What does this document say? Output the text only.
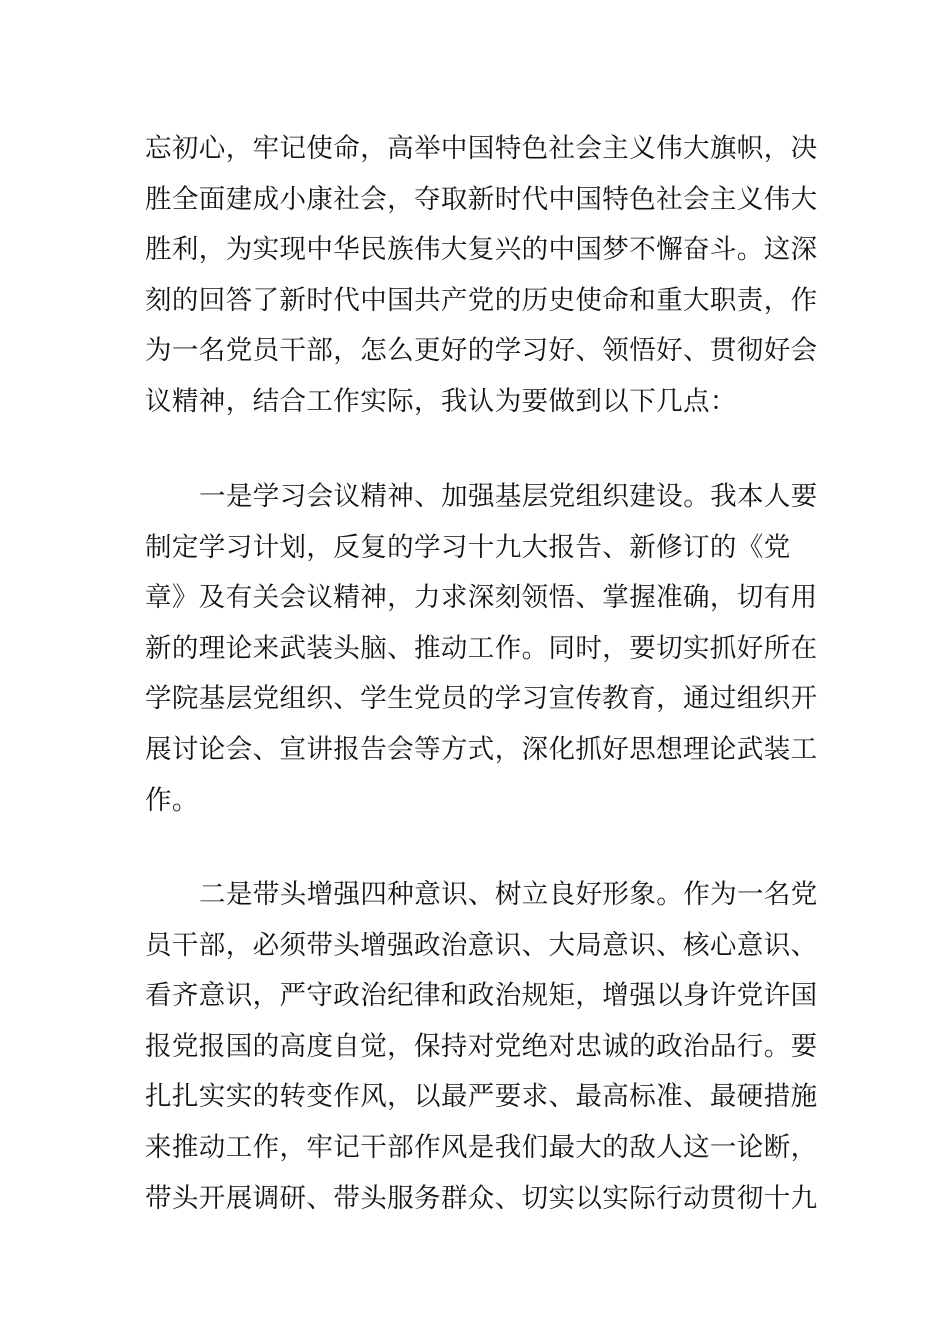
忘初心，牢记使命，高举中国特色社会主义伟大旗帜，决
胜全面建成小康社会，夺取新时代中国特色社会主义伟大
胜利，为实现中华民族伟大复兴的中国梦不懈奋斗。这深
刻的回答了新时代中国共产党的历史使命和重大职责，作
为一名党员干部，怎么更好的学习好、领悟好、贯彻好会
议精神，结合工作实际，我认为要做到以下几点：
一是学习会议精神、加强基层党组织建设。我本人要
制定学习计划，反复的学习十九大报告、新修订的《党
章》及有关会议精神，力求深刻领悟、掌握准确，切有用
新的理论来武装头脑、推动工作。同时，要切实抓好所在
学院基层党组织、学生党员的学习宣传教育，通过组织开
展讨论会、宣讲报告会等方式，深化抓好思想理论武装工
作。
二是带头增强四种意识、树立良好形象。作为一名党
员干部，必须带头增强政治意识、大局意识、核心意识、
看齐意识，严守政治纪律和政治规矩，增强以身许党许国
报党报国的高度自觉，保持对党绝对忠诚的政治品行。要
扎扎实实的转变作风，以最严要求、最高标准、最硬措施
来推动工作，牢记干部作风是我们最大的敌人这一论断，
带头开展调研、带头服务群众、切实以实际行动贯彻十九
